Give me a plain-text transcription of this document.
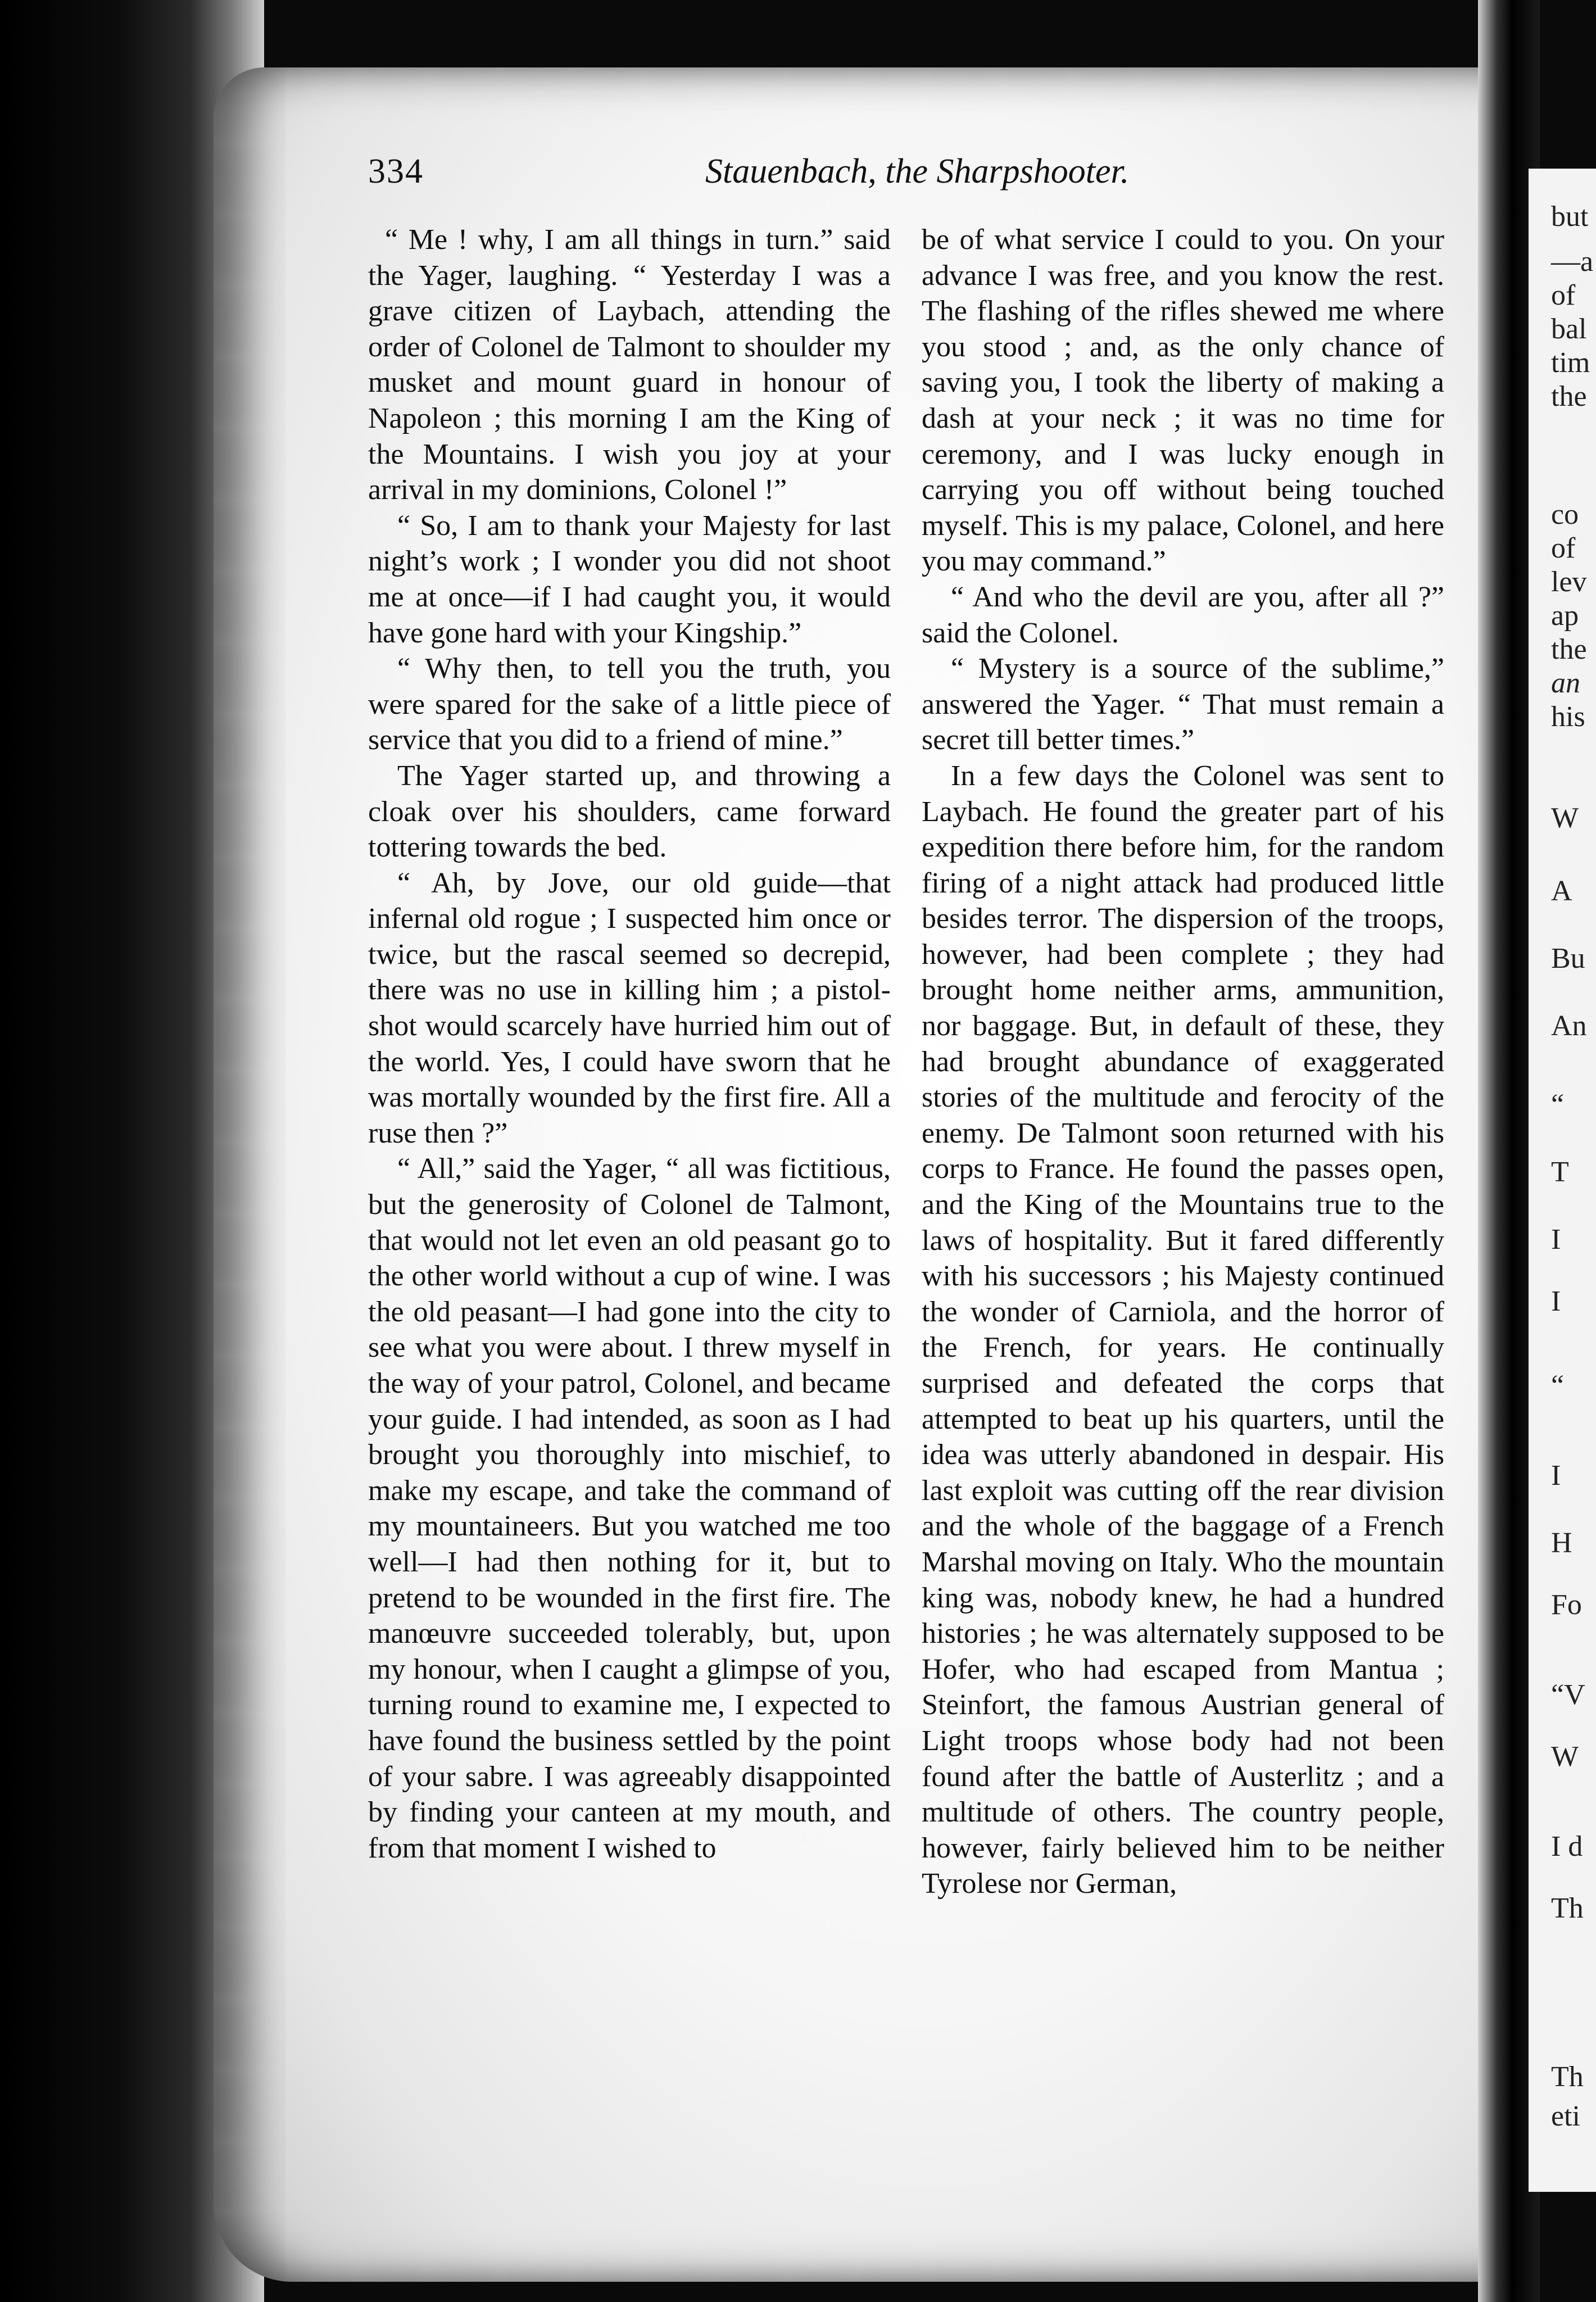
but
—a
of
bal
tim
the
co
of
lev
ap
the
an
his
W
A
Bu
An
“
T
I
I
“
I
H
Fo
“V
W
I d
Th
Th
eti
334	Stauenbach, the Sharpshooter.

“ Me ! why, I am all things in turn.” said the Yager, laughing. “ Yesterday I was a grave citizen of Laybach, attending the order of Colonel de Talmont to shoulder my musket and mount guard in honour of Napoleon ; this morning I am the King of the Mountains. I wish you joy at your arrival in my dominions, Colonel !”

“ So, I am to thank your Majesty for last night’s work ; I wonder you did not shoot me at once—if I had caught you, it would have gone hard with your Kingship.”

“ Why then, to tell you the truth, you were spared for the sake of a little piece of service that you did to a friend of mine.”

The Yager started up, and throwing a cloak over his shoulders, came forward tottering towards the bed.

“ Ah, by Jove, our old guide—that infernal old rogue ; I suspected him once or twice, but the rascal seemed so decrepid, there was no use in killing him ; a pistol-shot would scarcely have hurried him out of the world. Yes, I could have sworn that he was mortally wounded by the first fire. All a ruse then ?”

“ All,” said the Yager, “ all was fictitious, but the generosity of Colonel de Talmont, that would not let even an old peasant go to the other world without a cup of wine. I was the old peasant—I had gone into the city to see what you were about. I threw myself in the way of your patrol, Colonel, and became your guide. I had intended, as soon as I had brought you thoroughly into mischief, to make my escape, and take the command of my mountaineers. But you watched me too well—I had then nothing for it, but to pretend to be wounded in the first fire. The manœuvre succeeded tolerably, but, upon my honour, when I caught a glimpse of you, turning round to examine me, I expected to have found the business settled by the point of your sabre. I was agreeably disappointed by finding your canteen at my mouth, and from that moment I wished to

be of what service I could to you. On your advance I was free, and you know the rest. The flashing of the rifles shewed me where you stood ; and, as the only chance of saving you, I took the liberty of making a dash at your neck ; it was no time for ceremony, and I was lucky enough in carrying you off without being touched myself. This is my palace, Colonel, and here you may command.”

“ And who the devil are you, after all ?” said the Colonel.

“ Mystery is a source of the sublime,” answered the Yager. “ That must remain a secret till better times.”

In a few days the Colonel was sent to Laybach. He found the greater part of his expedition there before him, for the random firing of a night attack had produced little besides terror. The dispersion of the troops, however, had been complete ; they had brought home neither arms, ammunition, nor baggage. But, in default of these, they had brought abundance of exaggerated stories of the multitude and ferocity of the enemy. De Talmont soon returned with his corps to France. He found the passes open, and the King of the Mountains true to the laws of hospitality. But it fared differently with his successors ; his Majesty continued the wonder of Carniola, and the horror of the French, for years. He continually surprised and defeated the corps that attempted to beat up his quarters, until the idea was utterly abandoned in despair. His last exploit was cutting off the rear division and the whole of the baggage of a French Marshal moving on Italy. Who the mountain king was, nobody knew, he had a hundred histories ; he was alternately supposed to be Hofer, who had escaped from Mantua ; Steinfort, the famous Austrian general of Light troops whose body had not been found after the battle of Austerlitz ; and a multitude of others. The country people, however, fairly believed him to be neither Tyrolese nor German,
